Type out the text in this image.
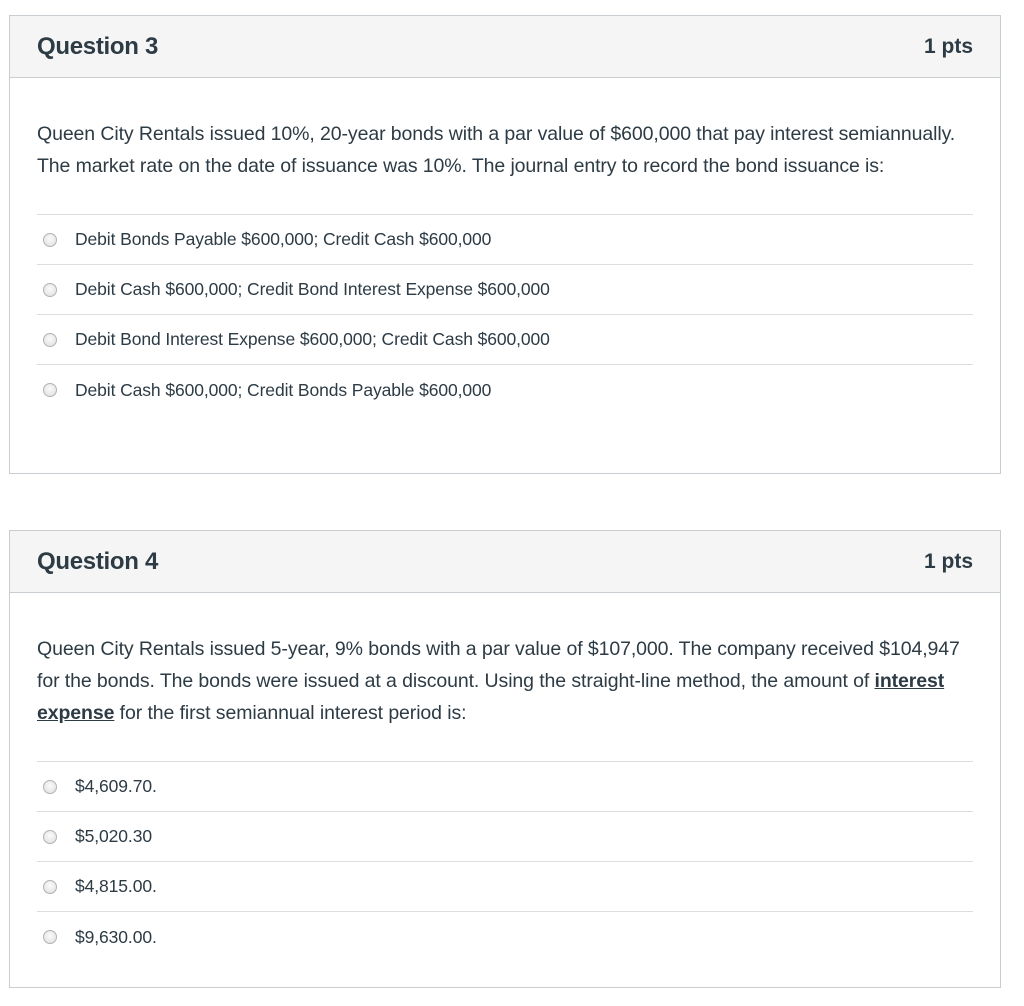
Question 3	1 pts
Queen City Rentals issued 10%, 20-year bonds with a par value of $600,000 that pay interest semiannually. The market rate on the date of issuance was 10%. The journal entry to record the bond issuance is:
Debit Bonds Payable $600,000; Credit Cash $600,000
Debit Cash $600,000; Credit Bond Interest Expense $600,000
Debit Bond Interest Expense $600,000; Credit Cash $600,000
Debit Cash $600,000; Credit Bonds Payable $600,000
Question 4	1 pts
Queen City Rentals issued 5-year, 9% bonds with a par value of $107,000. The company received $104,947 for the bonds. The bonds were issued at a discount. Using the straight-line method, the amount of interest expense for the first semiannual interest period is:
$4,609.70.
$5,020.30
$4,815.00.
$9,630.00.
